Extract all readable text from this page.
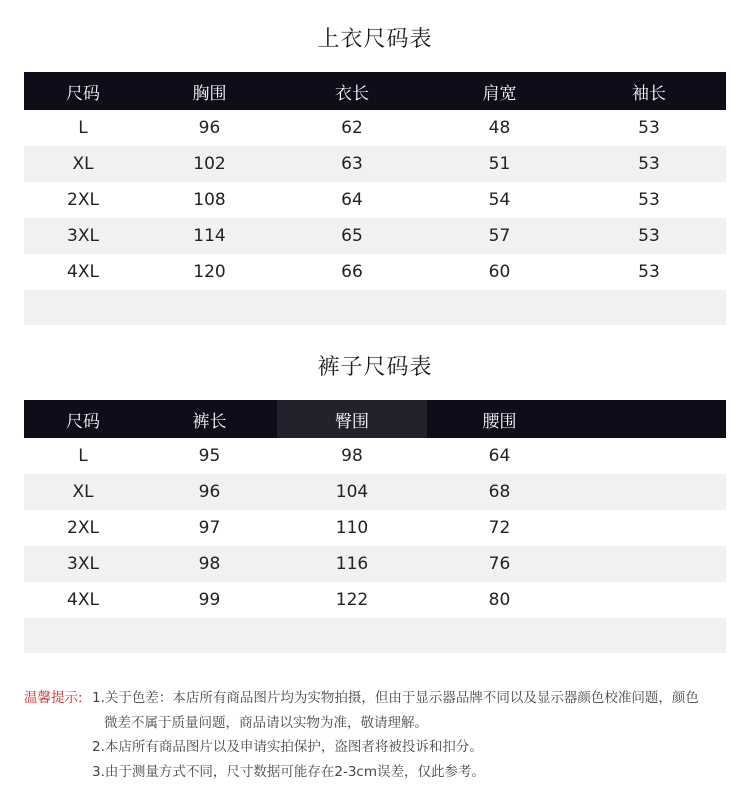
上衣尺码表
尺码	胸围	衣长	肩宽	袖长
L	96	62	48	53
XL	102	63	51	53
2XL	108	64	54	53
3XL	114	65	57	53
4XL	120	66	60	53

裤子尺码表
尺码	裤长	臀围	腰围	
L	95	98	64	
XL	96	104	68	
2XL	97	110	72	
3XL	98	116	76	
4XL	99	122	80	

温馨提示: 1.关于色差：本店所有商品图片均为实物拍摄，但由于显示器品牌不同以及显示器颜色校准问题，颜色
微差不属于质量问题，商品请以实物为准，敬请理解。
2.本店所有商品图片以及申请实拍保护，盗图者将被投诉和扣分。
3.由于测量方式不同，尺寸数据可能存在2-3cm误差，仅此参考。
